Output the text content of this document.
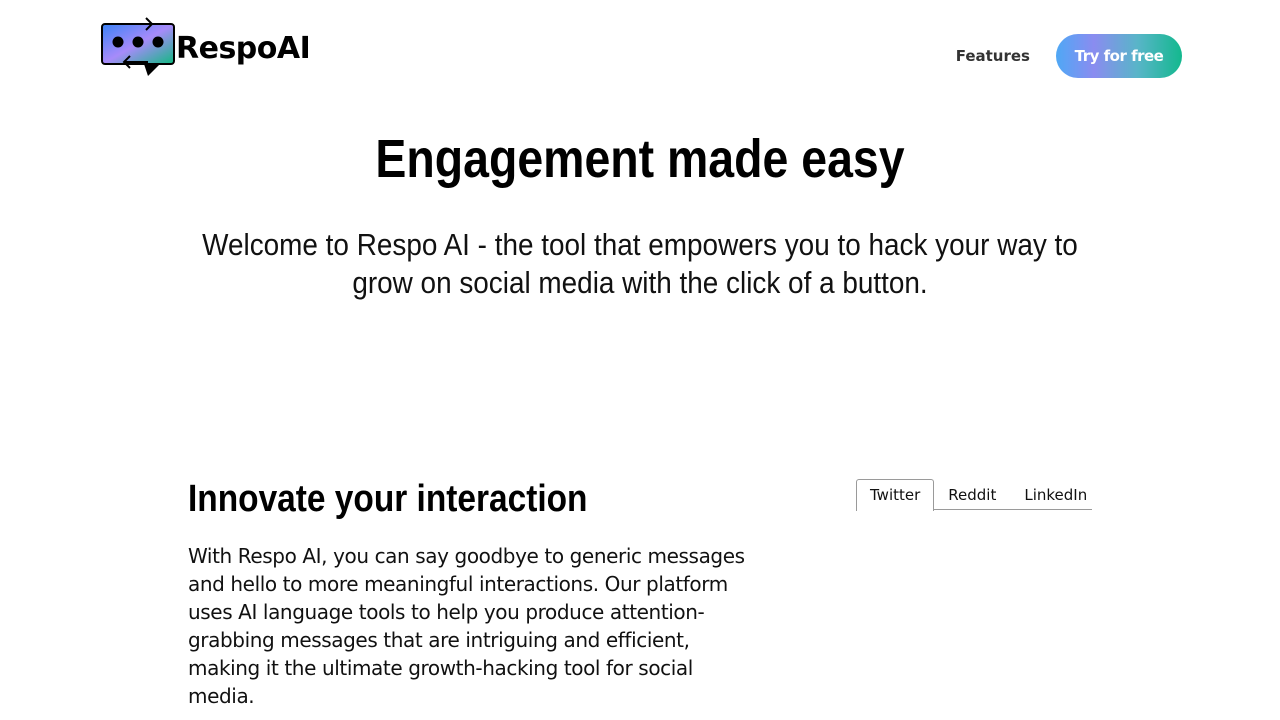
RespoAI	Features	Try for free
Engagement made easy

Welcome to Respo AI - the tool that empowers you to hack your way to grow on social media with the click of a button.

Innovate your interaction

With Respo AI, you can say goodbye to generic messages and hello to more meaningful interactions. Our platform uses AI language tools to help you produce attention-grabbing messages that are intriguing and efficient, making it the ultimate growth-hacking tool for social media.

Twitter	Reddit	LinkedIn
